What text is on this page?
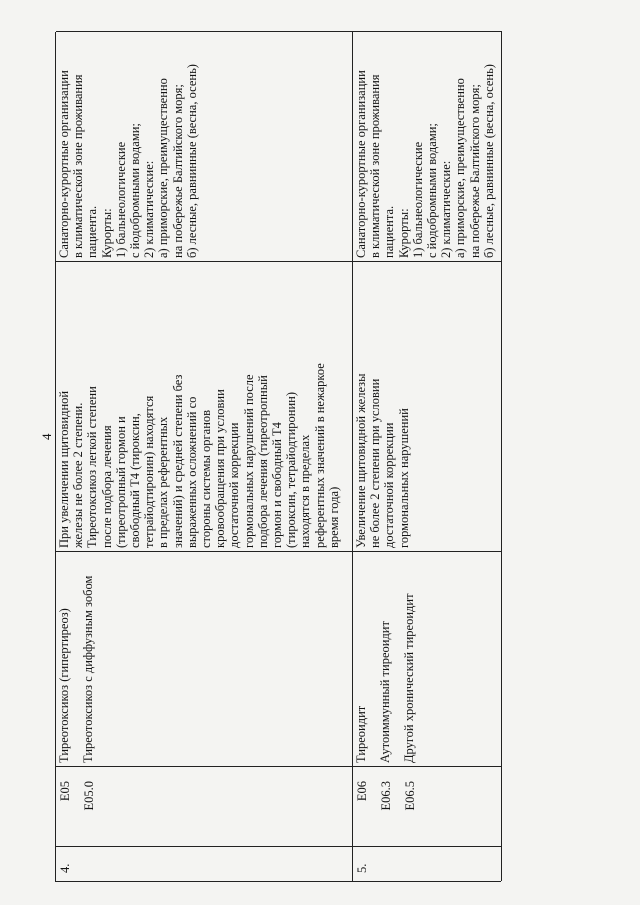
4
4.
E05 E05.0
Тиреотоксикоз (гипертиреоз) Тиреотоксикоз с диффузным зобом
При увеличении щитовидной железы не более 2 степени. Тиреотоксикоз легкой степени после подбора лечения (тиреотропный гормон и свободный Т4 (тироксин, тетрайодтиронин) находятся в пределах референтных значений) и средней степени без выраженных осложнений со стороны системы органов кровообращения при условии достаточной коррекции гормональных нарушений после подбора лечения (тиреотропный гормон и свободный Т4 (тироксин, тетрайодтиронин) находятся в пределах референтных значений в нежаркое время года)
Санаторно-курортные организации в климатической зоне проживания пациента. Курорты: 1) бальнеологические с йодобромными водами; 2) климатические: а) приморские, преимущественно на побережье Балтийского моря; б) лесные, равнинные (весна, осень)
5.
E06 E06.3 E06.5
Тиреоидит Аутоиммунный тиреоидит Другой хронический тиреоидит
Увеличение щитовидной железы не более 2 степени при условии достаточной коррекции гормональных нарушений
Санаторно-курортные организации в климатической зоне проживания пациента. Курорты: 1) бальнеологические с йодобромными водами; 2) климатические: а) приморские, преимущественно на побережье Балтийского моря; б) лесные, равнинные (весна, осень)
